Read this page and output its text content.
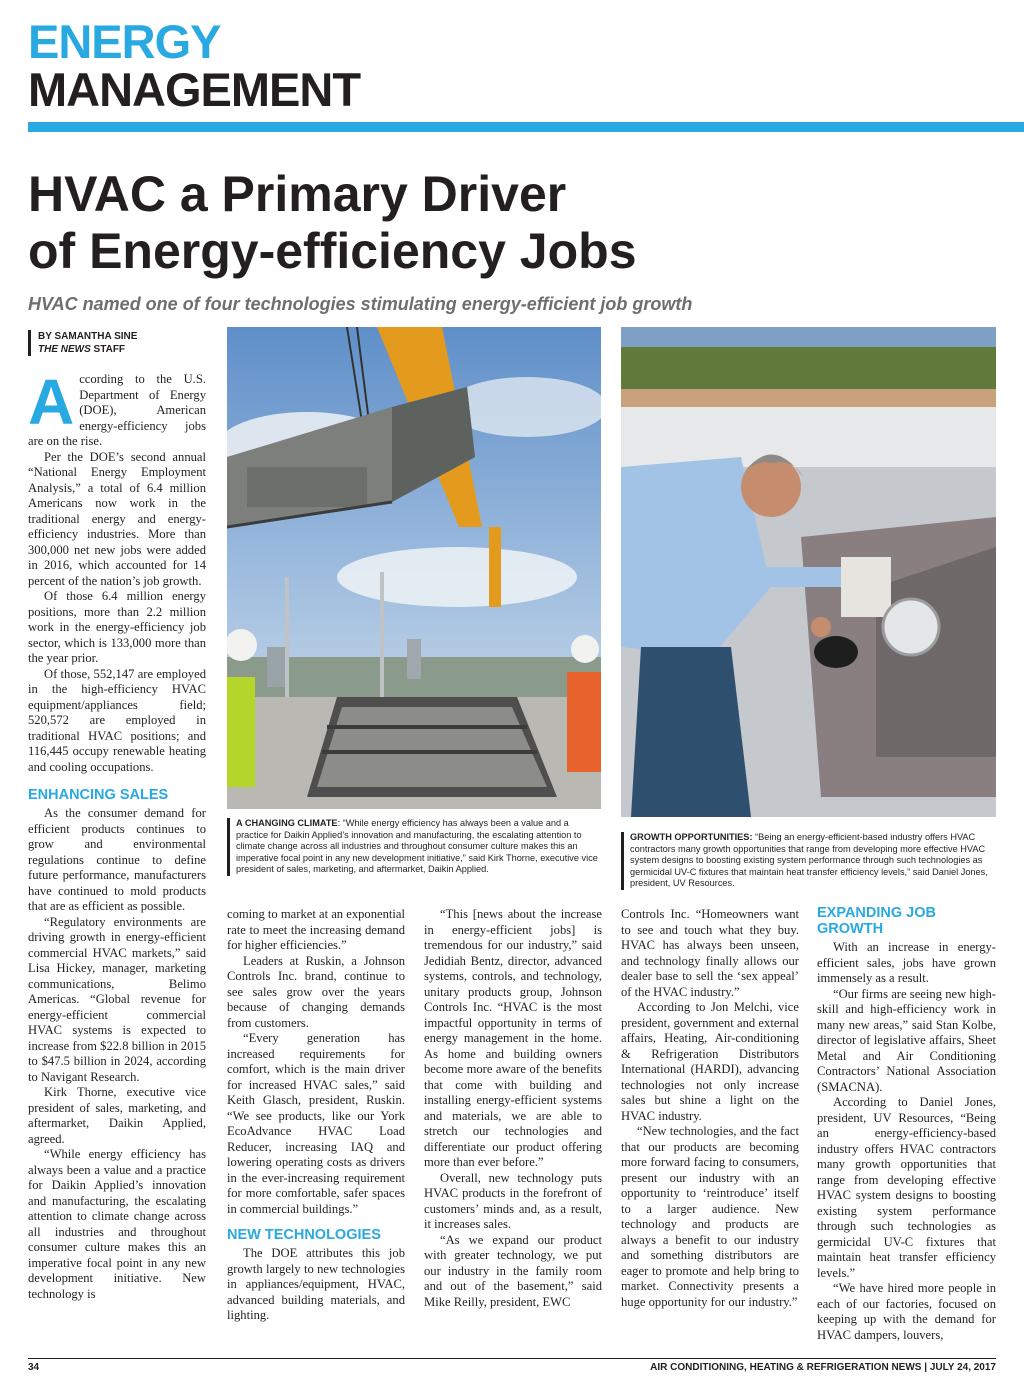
ENERGY
MANAGEMENT
HVAC a Primary Driver
of Energy-efficiency Jobs
HVAC named one of four technologies stimulating energy-efficient job growth
BY SAMANTHA SINE
THE NEWS STAFF
A ccording to the U.S. Department of Energy (DOE), American energy-efficiency jobs are on the rise.

Per the DOE’s second annual “National Energy Employment Analysis,” a total of 6.4 million Americans now work in the traditional energy and energy-efficiency industries. More than 300,000 net new jobs were added in 2016, which accounted for 14 percent of the nation’s job growth.

Of those 6.4 million energy positions, more than 2.2 million work in the energy-efficiency job sector, which is 133,000 more than the year prior.

Of those, 552,147 are employed in the high-efficiency HVAC equipment/appliances field; 520,572 are employed in traditional HVAC positions; and 116,445 occupy renewable heating and cooling occupations.

ENHANCING SALES

As the consumer demand for efficient products continues to grow and environmental regulations continue to define future performance, manufacturers have continued to mold products that are as efficient as possible.

“Regulatory environments are driving growth in energy-efficient commercial HVAC markets,” said Lisa Hickey, manager, marketing communications, Belimo Americas. “Global revenue for energy-efficient commercial HVAC systems is expected to increase from $22.8 billion in 2015 to $47.5 billion in 2024, according to Navigant Research.

Kirk Thorne, executive vice president of sales, marketing, and aftermarket, Daikin Applied, agreed.

“While energy efficiency has always been a value and a practice for Daikin Applied’s innovation and manufacturing, the escalating attention to climate change across all industries and throughout consumer culture makes this an imperative focal point in any new development initiative. New technology is

A CHANGING CLIMATE: “While energy efficiency has always been a value and a practice for Daikin Applied’s innovation and manufacturing, the escalating attention to climate change across all industries and throughout consumer culture makes this an imperative focal point in any new development initiative,” said Kirk Thorne, executive vice president of sales, marketing, and aftermarket, Daikin Applied.
GROWTH OPPORTUNITIES: “Being an energy-efficient-based industry offers HVAC contractors many growth opportunities that range from developing more effective HVAC system designs to boosting existing system performance through such technologies as germicidal UV-C fixtures that maintain heat transfer efficiency levels,” said Daniel Jones, president, UV Resources.

coming to market at an exponential rate to meet the increasing demand for higher efficiencies.”

Leaders at Ruskin, a Johnson Controls Inc. brand, continue to see sales grow over the years because of changing demands from customers.

“Every generation has increased requirements for comfort, which is the main driver for increased HVAC sales,” said Keith Glasch, president, Ruskin. “We see products, like our York EcoAdvance HVAC Load Reducer, increasing IAQ and lowering operating costs as drivers in the ever-increasing requirement for more comfortable, safer spaces in commercial buildings.”

NEW TECHNOLOGIES

The DOE attributes this job growth largely to new technologies in appliances/equipment, HVAC, advanced building materials, and lighting.

“This [news about the increase in energy-efficient jobs] is tremendous for our industry,” said Jedidiah Bentz, director, advanced systems, controls, and technology, unitary products group, Johnson Controls Inc. “HVAC is the most impactful opportunity in terms of energy management in the home. As home and building owners become more aware of the benefits that come with building and installing energy-efficient systems and materials, we are able to stretch our technologies and differentiate our product offering more than ever before.”

Overall, new technology puts HVAC products in the forefront of customers’ minds and, as a result, it increases sales.

“As we expand our product with greater technology, we put our industry in the family room and out of the basement,” said Mike Reilly, president, EWC

Controls Inc. “Homeowners want to see and touch what they buy. HVAC has always been unseen, and technology finally allows our dealer base to sell the ‘sex appeal’ of the HVAC industry.”

According to Jon Melchi, vice president, government and external affairs, Heating, Air-conditioning & Refrigeration Distributors International (HARDI), advancing technologies not only increase sales but shine a light on the HVAC industry.

“New technologies, and the fact that our products are becoming more forward facing to consumers, present our industry with an opportunity to ‘reintroduce’ itself to a larger audience. New technology and products are always a benefit to our industry and something distributors are eager to promote and help bring to market. Connectivity presents a huge opportunity for our industry.”

EXPANDING JOB GROWTH

With an increase in energy-efficient sales, jobs have grown immensely as a result.

“Our firms are seeing new high-skill and high-efficiency work in many new areas,” said Stan Kolbe, director of legislative affairs, Sheet Metal and Air Conditioning Contractors’ National Association (SMACNA).

According to Daniel Jones, president, UV Resources, “Being an energy-efficiency-based industry offers HVAC contractors many growth opportunities that range from developing effective HVAC system designs to boosting existing system performance through such technologies as germicidal UV-C fixtures that maintain heat transfer efficiency levels.”

“We have hired more people in each of our factories, focused on keeping up with the demand for HVAC dampers, louvers,

34	AIR CONDITIONING, HEATING & REFRIGERATION NEWS | JULY 24, 2017
